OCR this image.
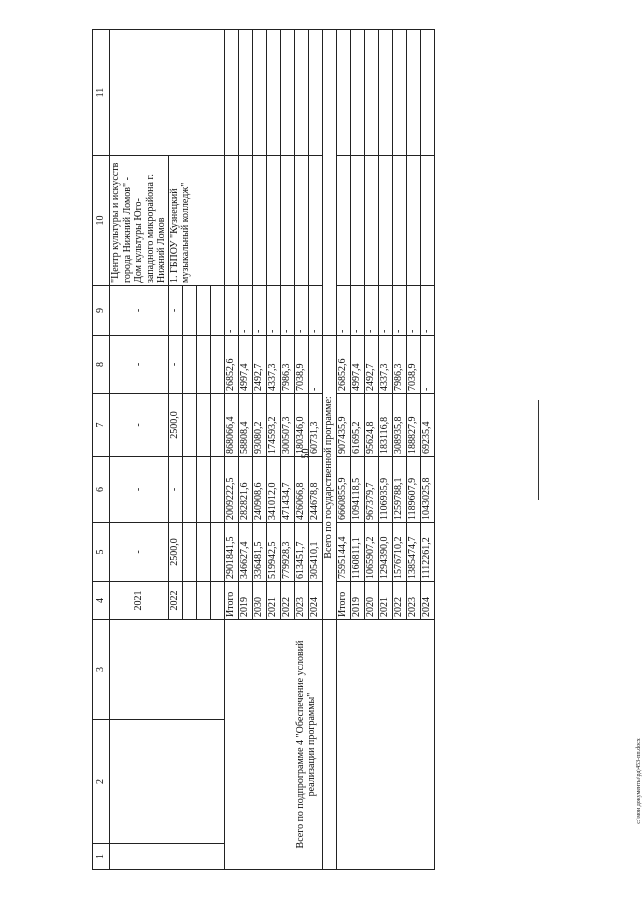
50
c:\мои документы\рд\453-пп.docx
1	2	3	4	5	6	7	8	9	10	11
			2021	-	-	-	-	-	"Центр культуры и искусств города Нижний Ломов" - Дом культуры Юго-западного микрорайона г. Нижний Ломов	
			2022	2500,0	-	2500,0	-	-	1. ГБПОУ "Кузнецкий музыкальный колледж"	

Всего по подпрограмме 4 "Обеспечение условий реализации программы"			Итого	2901841,5	2009222,5	868066,4	26852,6	-		
			2019	346627,4	282821,6	58808,4	4997,4	-		
			2030	336481,5	240908,6	93080,2	2492,7	-		
			2021	519942,5	341012,0	174593,2	4337,3	-		
			2022	779928,3	471434,7	300507,3	7986,3	-		
			2023	613451,7	426066,8	180346,0	7038,9	-		
			2024	305410,1	244678,8	60731,3	-	-		
			Всего по государственной программе:							
			Итого	7595144,4	6660855,9	907435,9	26852,6	-		
			2019	1160811,1	1094118,5	61695,2	4997,4	-		
			2020	1065907,2	967379,7	95624,8	2492,7	-		
			2021	1294390,0	1106935,9	183116,8	4337,3	-		
			2022	1576710,2	1259788,1	308935,8	7986,3	-		
			2023	1385474,7	1189607,9	188827,9	7038,9	-		
			2024	1112261,2	1043025,8	69235,4	-	-		
